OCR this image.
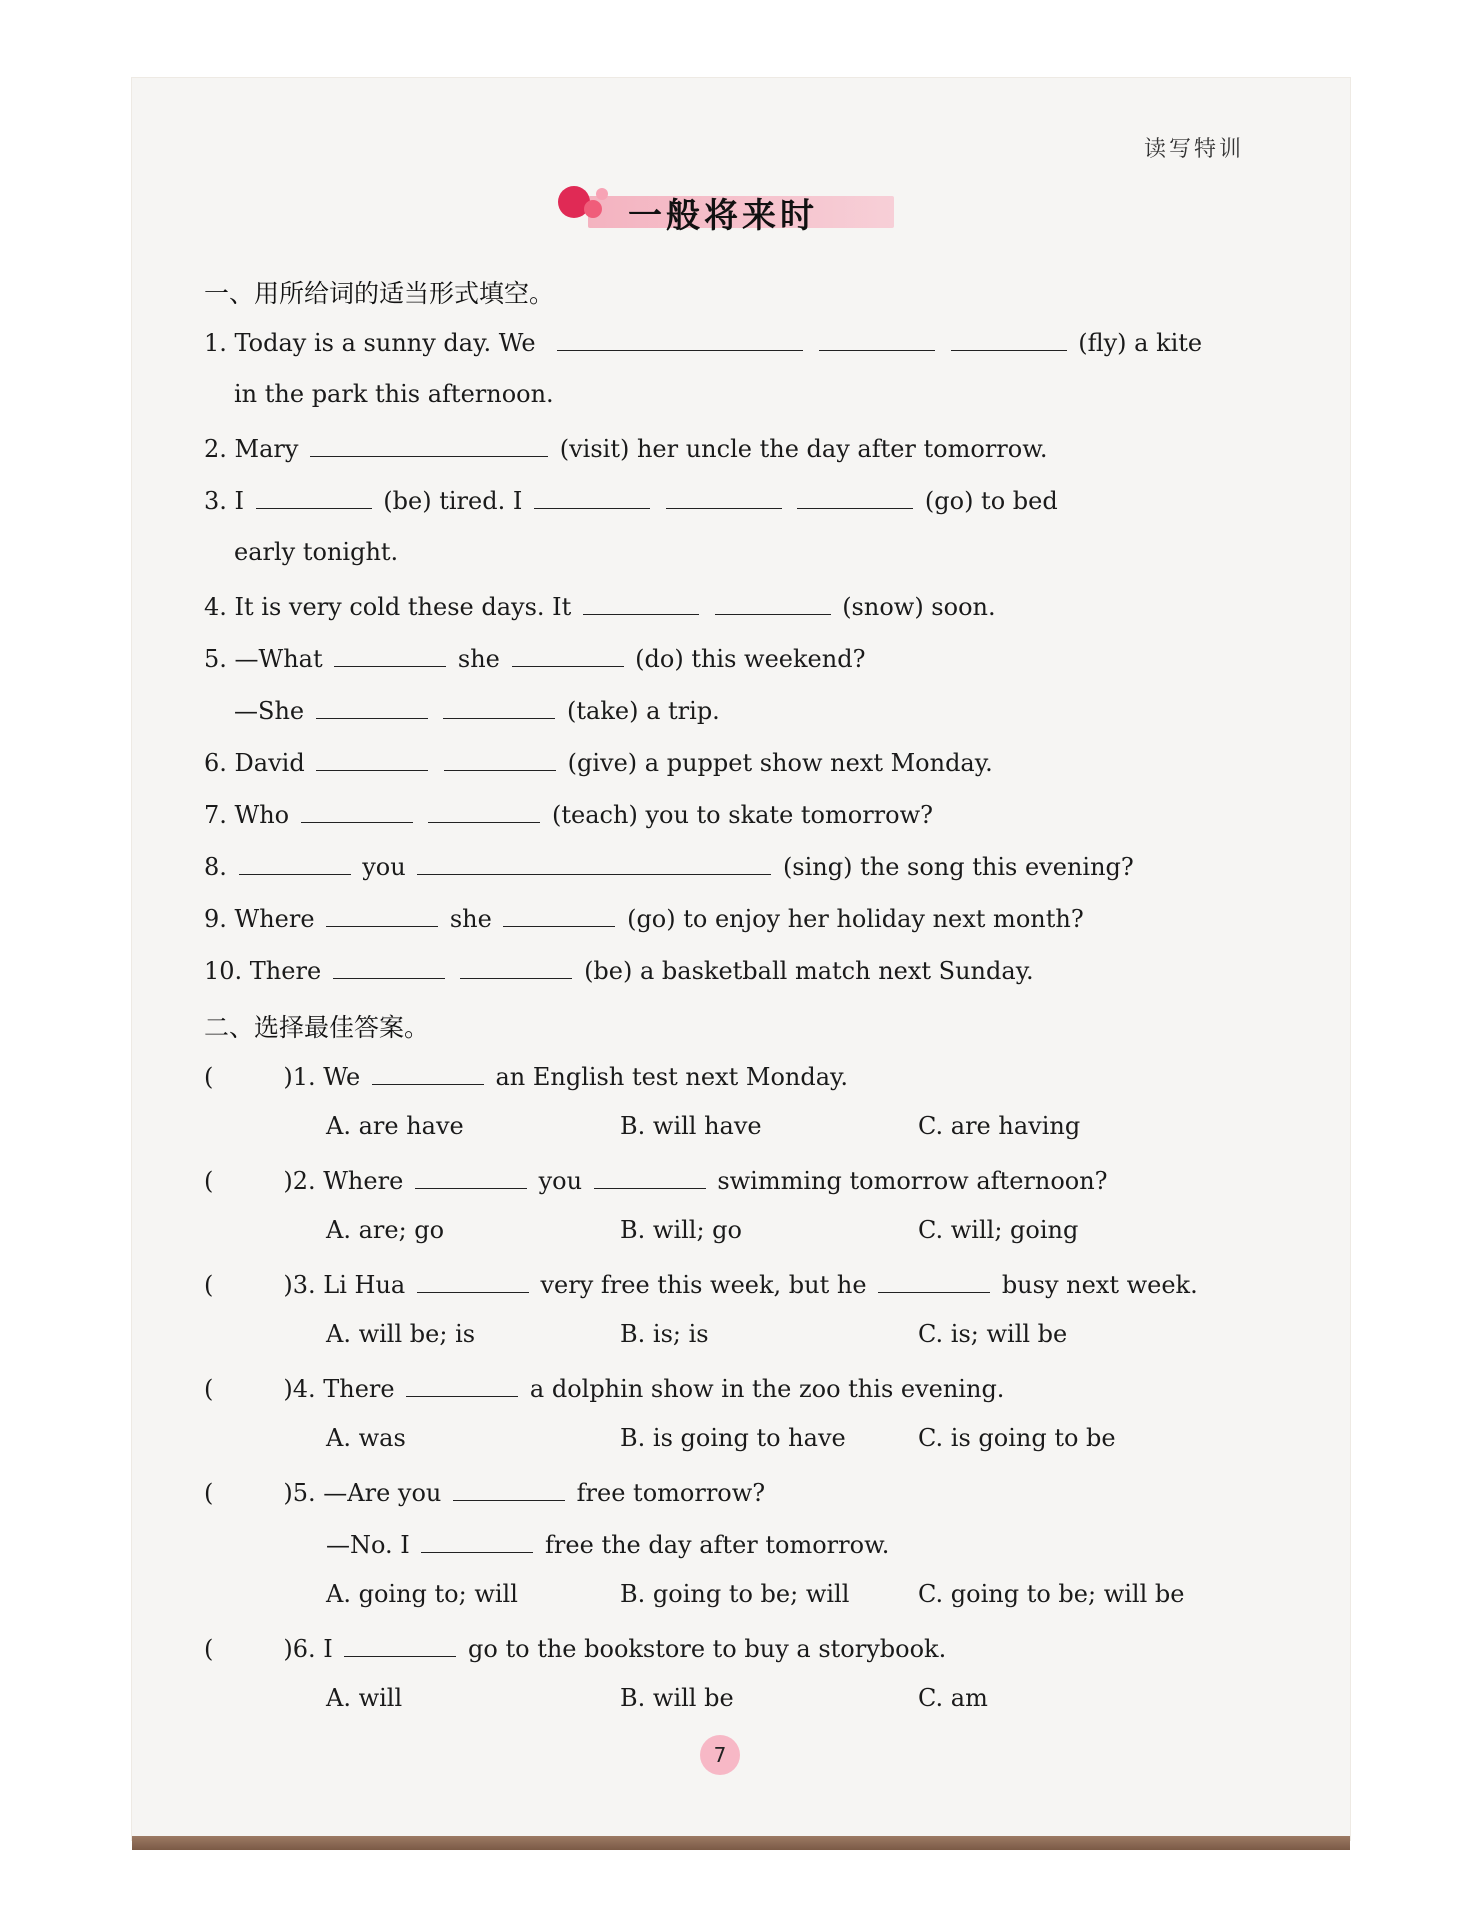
读写特训
一般将来时
一、用所给词的适当形式填空。
1. Today is a sunny day. We	(fly) a kite
in the park this afternoon.
2. Mary	(visit) her uncle the day after tomorrow.
3. I	(be) tired. I	(go) to bed
early tonight.
4. It is very cold these days. It	(snow) soon.
5. —What	she	(do) this weekend?
—She	(take) a trip.
6. David	(give) a puppet show next Monday.
7. Who	(teach) you to skate tomorrow?
8.	you	(sing) the song this evening?
9. Where	she	(go) to enjoy her holiday next month?
10. There	(be) a basketball match next Sunday.
二、选择最佳答案。
(	)1. We	an English test next Monday.
A. are have	B. will have	C. are having
(	)2. Where	you	swimming tomorrow afternoon?
A. are; go	B. will; go	C. will; going
(	)3. Li Hua	very free this week, but he	busy next week.
A. will be; is	B. is; is	C. is; will be
(	)4. There	a dolphin show in the zoo this evening.
A. was	B. is going to have	C. is going to be
(	)5. —Are you	free tomorrow?
—No. I	free the day after tomorrow.
A. going to; will	B. going to be; will	C. going to be; will be
(	)6. I	go to the bookstore to buy a storybook.
A. will	B. will be	C. am
7
